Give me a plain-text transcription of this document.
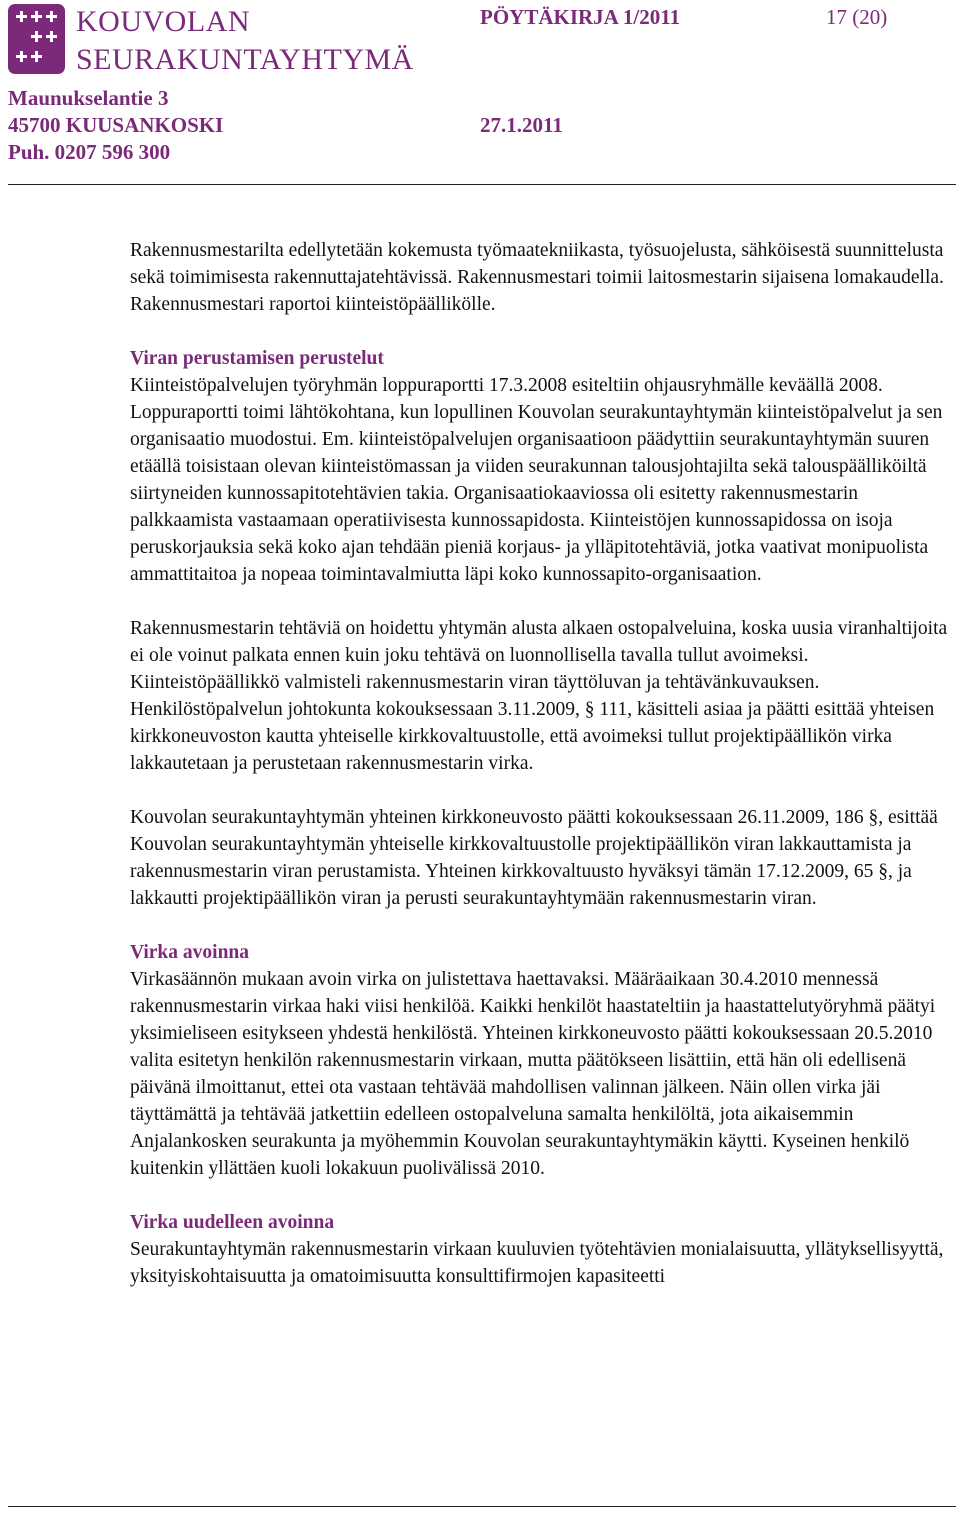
KOUVOLAN
SEURAKUNTAYHTYMÄ
PÖYTÄKIRJA 1/2011	17 (20)
Maunukselantie 3
45700 KUUSANKOSKI
Puh. 0207 596 300
27.1.2011

Rakennusmestarilta edellytetään kokemusta työmaatekniikasta, työsuojelusta, sähköisestä suunnittelusta sekä toimimisesta rakennuttajatehtävissä. Rakennusmestari toimii laitosmestarin sijaisena lomakaudella. Rakennusmestari raportoi kiinteistöpäällikölle.

Viran perustamisen perustelut

Kiinteistöpalvelujen työryhmän loppuraportti 17.3.2008 esiteltiin ohjausryhmälle keväällä 2008. Loppuraportti toimi lähtökohtana, kun lopullinen Kouvolan seurakuntayhtymän kiinteistöpalvelut ja sen organisaatio muodostui. Em. kiinteistöpalvelujen organisaatioon päädyttiin seurakuntayhtymän suuren etäällä toisistaan olevan kiinteistömassan ja viiden seurakunnan talousjohtajilta sekä talouspäälliköiltä siirtyneiden kunnossapitotehtävien takia. Organisaatiokaaviossa oli esitetty rakennusmestarin palkkaamista vastaamaan operatiivisesta kunnossapidosta. Kiinteistöjen kunnossapidossa on isoja peruskorjauksia sekä koko ajan tehdään pieniä korjaus- ja ylläpitotehtäviä, jotka vaativat monipuolista ammattitaitoa ja nopeaa toimintavalmiutta läpi koko kunnossapito-organisaation.

Rakennusmestarin tehtäviä on hoidettu yhtymän alusta alkaen ostopalveluina, koska uusia viranhaltijoita ei ole voinut palkata ennen kuin joku tehtävä on luonnollisella tavalla tullut avoimeksi. Kiinteistöpäällikkö valmisteli rakennusmestarin viran täyttöluvan ja tehtävänkuvauksen. Henkilöstöpalvelun johtokunta kokouksessaan 3.11.2009, § 111, käsitteli asiaa ja päätti esittää yhteisen kirkkoneuvoston kautta yhteiselle kirkkovaltuustolle, että avoimeksi tullut projektipäällikön virka lakkautetaan ja perustetaan rakennusmestarin virka.

Kouvolan seurakuntayhtymän yhteinen kirkkoneuvosto päätti kokouksessaan 26.11.2009, 186 §, esittää Kouvolan seurakuntayhtymän yhteiselle kirkkovaltuustolle projektipäällikön viran lakkauttamista ja rakennusmestarin viran perustamista. Yhteinen kirkkovaltuusto hyväksyi tämän 17.12.2009, 65 §, ja lakkautti projektipäällikön viran ja perusti seurakuntayhtymään rakennusmestarin viran.

Virka avoinna

Virkasäännön mukaan avoin virka on julistettava haettavaksi. Määräaikaan 30.4.2010 mennessä rakennusmestarin virkaa haki viisi henkilöä. Kaikki henkilöt haastateltiin ja haastattelutyöryhmä päätyi yksimieliseen esitykseen yhdestä henkilöstä. Yhteinen kirkkoneuvosto päätti kokouksessaan 20.5.2010 valita esitetyn henkilön rakennusmestarin virkaan, mutta päätökseen lisättiin, että hän oli edellisenä päivänä ilmoittanut, ettei ota vastaan tehtävää mahdollisen valinnan jälkeen. Näin ollen virka jäi täyttämättä ja tehtävää jatkettiin edelleen ostopalveluna samalta henkilöltä, jota aikaisemmin Anjalankosken seurakunta ja myöhemmin Kouvolan seurakuntayhtymäkin käytti. Kyseinen henkilö kuitenkin yllättäen kuoli lokakuun puolivälissä 2010.

Virka uudelleen avoinna

Seurakuntayhtymän rakennusmestarin virkaan kuuluvien työtehtävien monialaisuutta, yllätyksellisyyttä, yksityiskohtaisuutta ja omatoimisuutta konsulttifirmojen kapasiteetti
